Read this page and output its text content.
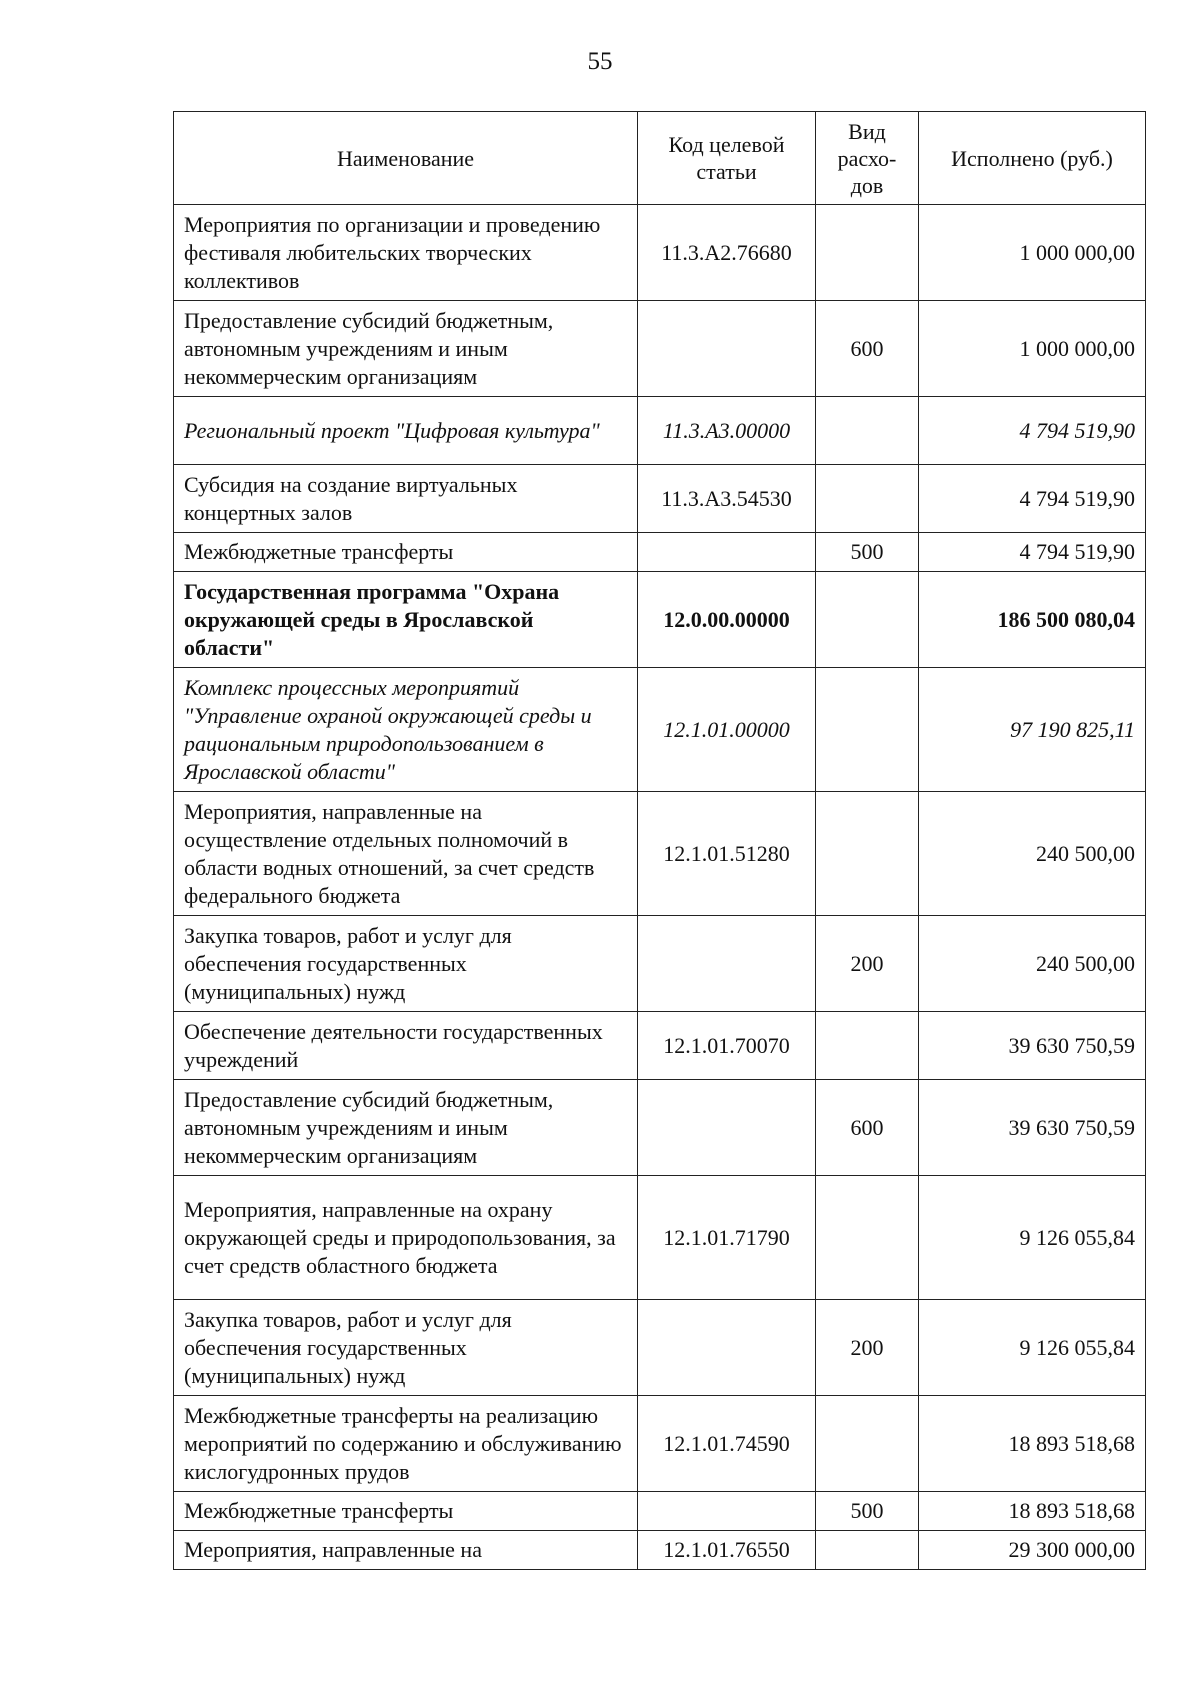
55
Наименование	Код целевой статьи	Вид расхо-дов	Исполнено (руб.)
Мероприятия по организации и проведению фестиваля любительских творческих коллективов	11.3.A2.76680		1 000 000,00
Предоставление субсидий бюджетным, автономным учреждениям и иным некоммерческим организациям		600	1 000 000,00
Региональный проект "Цифровая культура"	11.3.A3.00000		4 794 519,90
Субсидия на создание виртуальных концертных залов	11.3.A3.54530		4 794 519,90
Межбюджетные трансферты		500	4 794 519,90
Государственная программа "Охрана окружающей среды в Ярославской области"	12.0.00.00000		186 500 080,04
Комплекс процессных мероприятий "Управление охраной окружающей среды и рациональным природопользованием в Ярославской области"	12.1.01.00000		97 190 825,11
Мероприятия, направленные на осуществление отдельных полномочий в области водных отношений, за счет средств федерального бюджета	12.1.01.51280		240 500,00
Закупка товаров, работ и услуг для обеспечения государственных (муниципальных) нужд		200	240 500,00
Обеспечение деятельности государственных учреждений	12.1.01.70070		39 630 750,59
Предоставление субсидий бюджетным, автономным учреждениям и иным некоммерческим организациям		600	39 630 750,59
Мероприятия, направленные на охрану окружающей среды и природопользования, за счет средств областного бюджета	12.1.01.71790		9 126 055,84
Закупка товаров, работ и услуг для обеспечения государственных (муниципальных) нужд		200	9 126 055,84
Межбюджетные трансферты на реализацию мероприятий по содержанию и обслуживанию кислогудронных прудов	12.1.01.74590		18 893 518,68
Межбюджетные трансферты		500	18 893 518,68
Мероприятия, направленные на	12.1.01.76550		29 300 000,00
